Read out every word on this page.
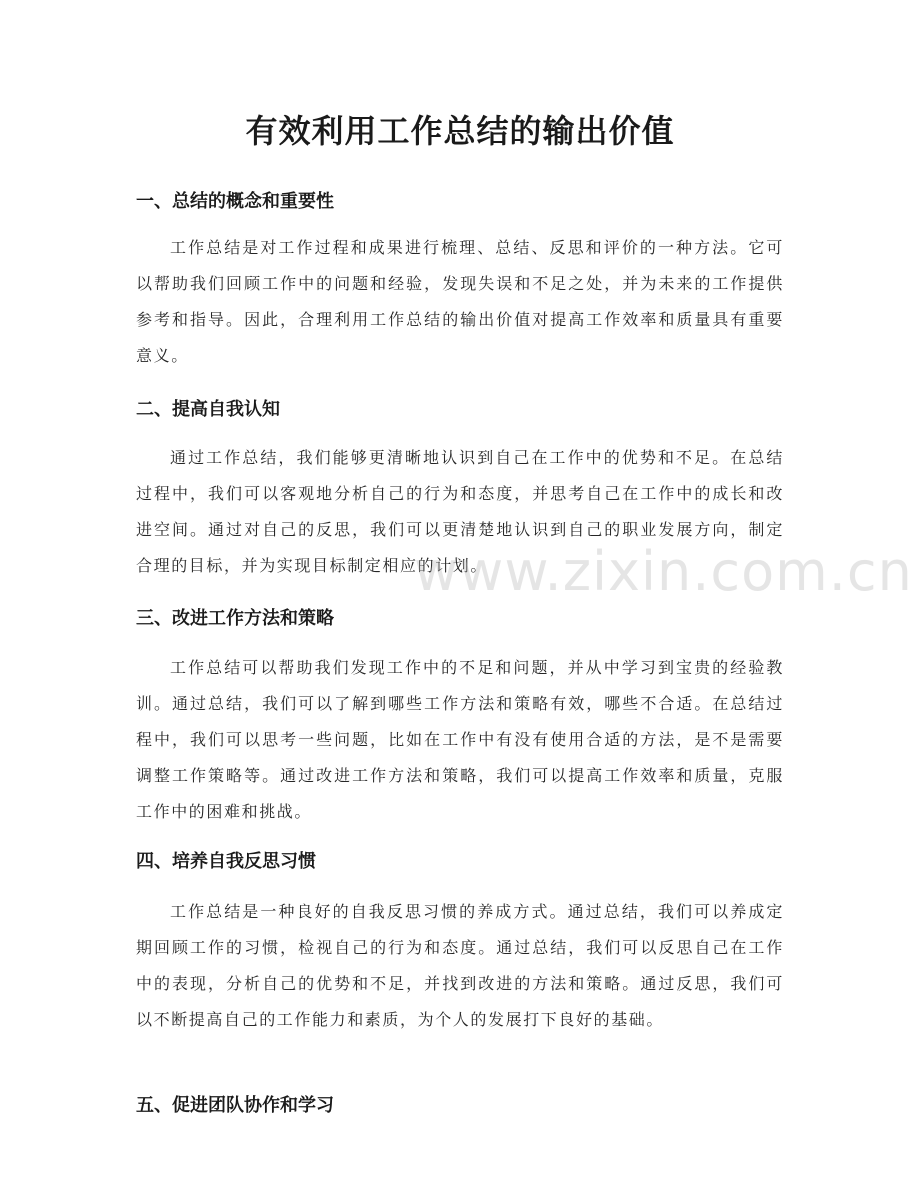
有效利用工作总结的输出价值
一、总结的概念和重要性

工作总结是对工作过程和成果进行梳理、总结、反思和评价的一种方法。它可以帮助我们回顾工作中的问题和经验，发现失误和不足之处，并为未来的工作提供参考和指导。因此，合理利用工作总结的输出价值对提高工作效率和质量具有重要意义。

二、提高自我认知

通过工作总结，我们能够更清晰地认识到自己在工作中的优势和不足。在总结过程中，我们可以客观地分析自己的行为和态度，并思考自己在工作中的成长和改进空间。通过对自己的反思，我们可以更清楚地认识到自己的职业发展方向，制定合理的目标，并为实现目标制定相应的计划。

三、改进工作方法和策略

工作总结可以帮助我们发现工作中的不足和问题，并从中学习到宝贵的经验教训。通过总结，我们可以了解到哪些工作方法和策略有效，哪些不合适。在总结过程中，我们可以思考一些问题，比如在工作中有没有使用合适的方法，是不是需要调整工作策略等。通过改进工作方法和策略，我们可以提高工作效率和质量，克服工作中的困难和挑战。

四、培养自我反思习惯

工作总结是一种良好的自我反思习惯的养成方式。通过总结，我们可以养成定期回顾工作的习惯，检视自己的行为和态度。通过总结，我们可以反思自己在工作中的表现，分析自己的优势和不足，并找到改进的方法和策略。通过反思，我们可以不断提高自己的工作能力和素质，为个人的发展打下良好的基础。

五、促进团队协作和学习
www.zixin.com.cn
